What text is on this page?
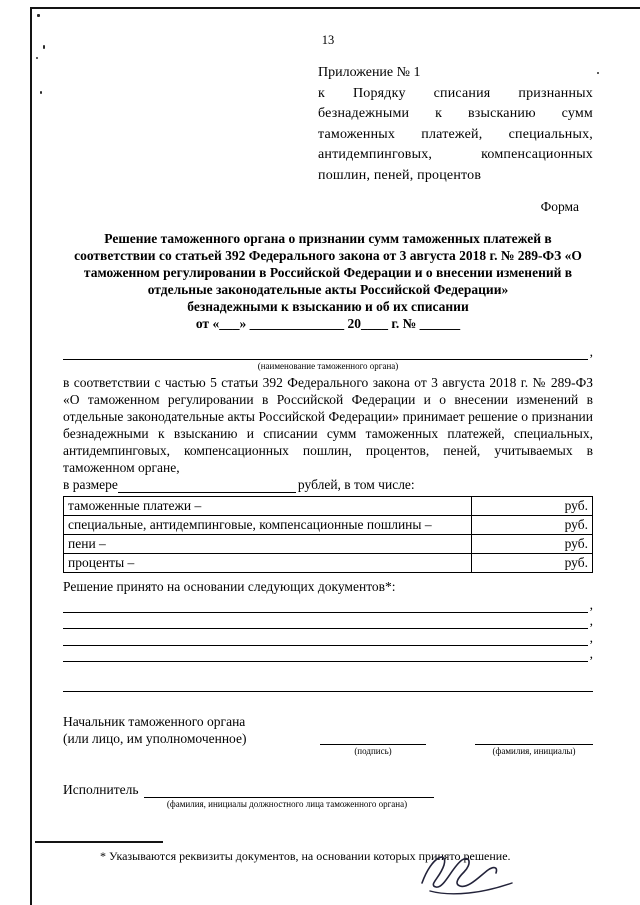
13
Приложение № 1
к Порядку списания признанных безнадежными к взысканию сумм таможенных платежей, специальных, антидемпинговых, компенсационных пошлин, пеней, процентов
Форма
Решение таможенного органа о признании сумм таможенных платежей в соответствии со статьей 392 Федерального закона от 3 августа 2018 г. № 289-ФЗ «О таможенном регулировании в Российской Федерации и о внесении изменений в отдельные законодательные акты Российской Федерации»
безнадежными к взысканию и об их списании
от «___» ______________ 20____ г. № ______
,
(наименование таможенного органа)
в соответствии с частью 5 статьи 392 Федерального закона от 3 августа 2018 г. № 289-ФЗ «О таможенном регулировании в Российской Федерации и о внесении изменений в отдельные законодательные акты Российской Федерации» принимает решение о признании безнадежными к взысканию и списании сумм таможенных платежей, специальных, антидемпинговых, компенсационных пошлин, процентов, пеней, учитываемых в таможенном органе,
в размере	рублей, в том числе:
таможенные платежи –	руб.
специальные, антидемпинговые, компенсационные пошлины –	руб.
пени –	руб.
проценты –	руб.
Решение принято на основании следующих документов*:
,
,
,
,
Начальник таможенного органа
(или лицо, им уполномоченное)
(подпись)	(фамилия, инициалы)
Исполнитель
(фамилия, инициалы должностного лица таможенного органа)
* Указываются реквизиты документов, на основании которых принято решение.
